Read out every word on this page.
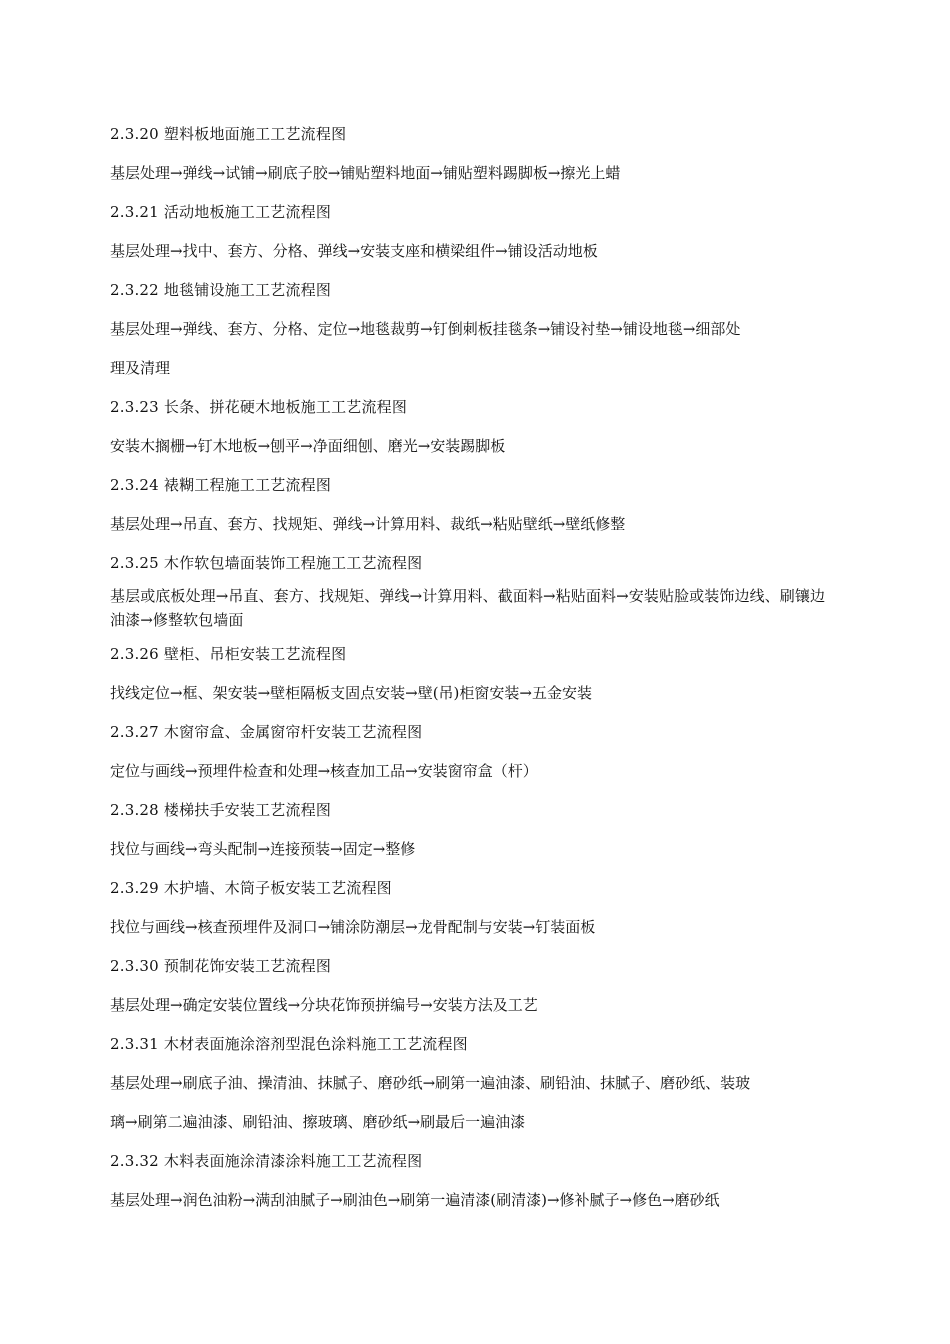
2.3.20 塑料板地面施工工艺流程图
基层处理→弹线→试铺→刷底子胶→铺贴塑料地面→铺贴塑料踢脚板→擦光上蜡
2.3.21 活动地板施工工艺流程图
基层处理→找中、套方、分格、弹线→安装支座和横梁组件→铺设活动地板
2.3.22 地毯铺设施工工艺流程图
基层处理→弹线、套方、分格、定位→地毯裁剪→钉倒刺板挂毯条→铺设衬垫→铺设地毯→细部处
理及清理
2.3.23 长条、拼花硬木地板施工工艺流程图
安装木搁栅→钉木地板→刨平→净面细刨、磨光→安装踢脚板
2.3.24 裱糊工程施工工艺流程图
基层处理→吊直、套方、找规矩、弹线→计算用料、裁纸→粘贴壁纸→壁纸修整
2.3.25 木作软包墙面装饰工程施工工艺流程图
基层或底板处理→吊直、套方、找规矩、弹线→计算用料、截面料→粘贴面料→安装贴脸或装饰边线、刷镶边油漆→修整软包墙面
2.3.26 壁柜、吊柜安装工艺流程图
找线定位→框、架安装→壁柜隔板支固点安装→壁(吊)柜窗安装→五金安装
2.3.27 木窗帘盒、金属窗帘杆安装工艺流程图
定位与画线→预埋件检查和处理→核查加工品→安装窗帘盒（杆）
2.3.28 楼梯扶手安装工艺流程图
找位与画线→弯头配制→连接预装→固定→整修
2.3.29 木护墙、木筒子板安装工艺流程图
找位与画线→核查预埋件及洞口→铺涂防潮层→龙骨配制与安装→钉装面板
2.3.30 预制花饰安装工艺流程图
基层处理→确定安装位置线→分块花饰预拼编号→安装方法及工艺
2.3.31 木材表面施涂溶剂型混色涂料施工工艺流程图
基层处理→刷底子油、操清油、抹腻子、磨砂纸→刷第一遍油漆、刷铅油、抹腻子、磨砂纸、装玻
璃→刷第二遍油漆、刷铅油、擦玻璃、磨砂纸→刷最后一遍油漆
2.3.32 木料表面施涂清漆涂料施工工艺流程图
基层处理→润色油粉→满刮油腻子→刷油色→刷第一遍清漆(刷清漆)→修补腻子→修色→磨砂纸
